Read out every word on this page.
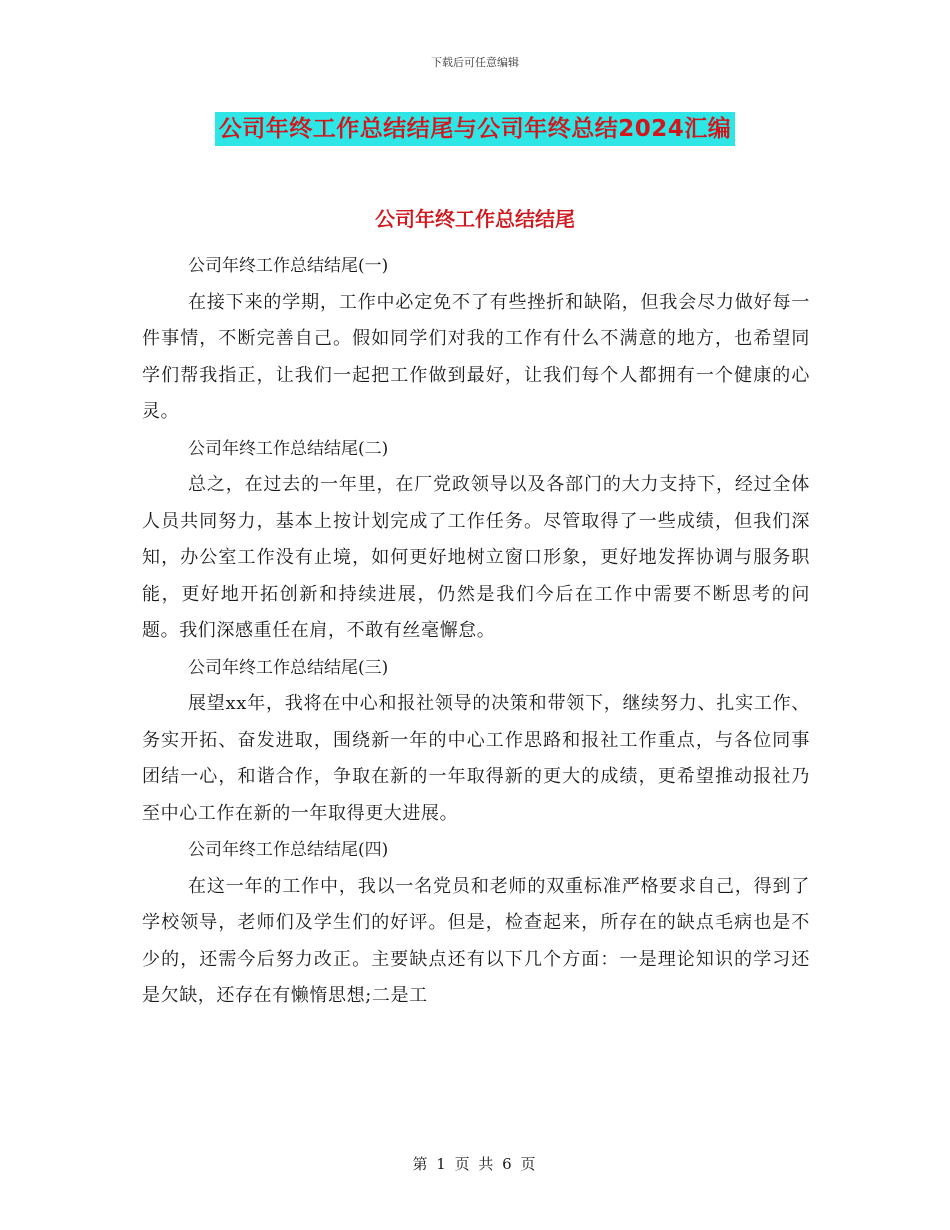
下载后可任意编辑
公司年终工作总结结尾与公司年终总结2024汇编
公司年终工作总结结尾

公司年终工作总结结尾(一)

在接下来的学期，工作中必定免不了有些挫折和缺陷，但我会尽力做好每一件事情，不断完善自己。假如同学们对我的工作有什么不满意的地方，也希望同学们帮我指正，让我们一起把工作做到最好，让我们每个人都拥有一个健康的心灵。

公司年终工作总结结尾(二)

总之，在过去的一年里，在厂党政领导以及各部门的大力支持下，经过全体人员共同努力，基本上按计划完成了工作任务。尽管取得了一些成绩，但我们深知，办公室工作没有止境，如何更好地树立窗口形象，更好地发挥协调与服务职能，更好地开拓创新和持续进展，仍然是我们今后在工作中需要不断思考的问题。我们深感重任在肩，不敢有丝毫懈怠。

公司年终工作总结结尾(三)

展望xx年，我将在中心和报社领导的决策和带领下，继续努力、扎实工作、务实开拓、奋发进取，围绕新一年的中心工作思路和报社工作重点，与各位同事团结一心，和谐合作，争取在新的一年取得新的更大的成绩，更希望推动报社乃至中心工作在新的一年取得更大进展。

公司年终工作总结结尾(四)

在这一年的工作中，我以一名党员和老师的双重标准严格要求自己，得到了学校领导，老师们及学生们的好评。但是，检查起来，所存在的缺点毛病也是不少的，还需今后努力改正。主要缺点还有以下几个方面：一是理论知识的学习还是欠缺，还存在有懒惰思想;二是工

第 1 页 共 6 页
